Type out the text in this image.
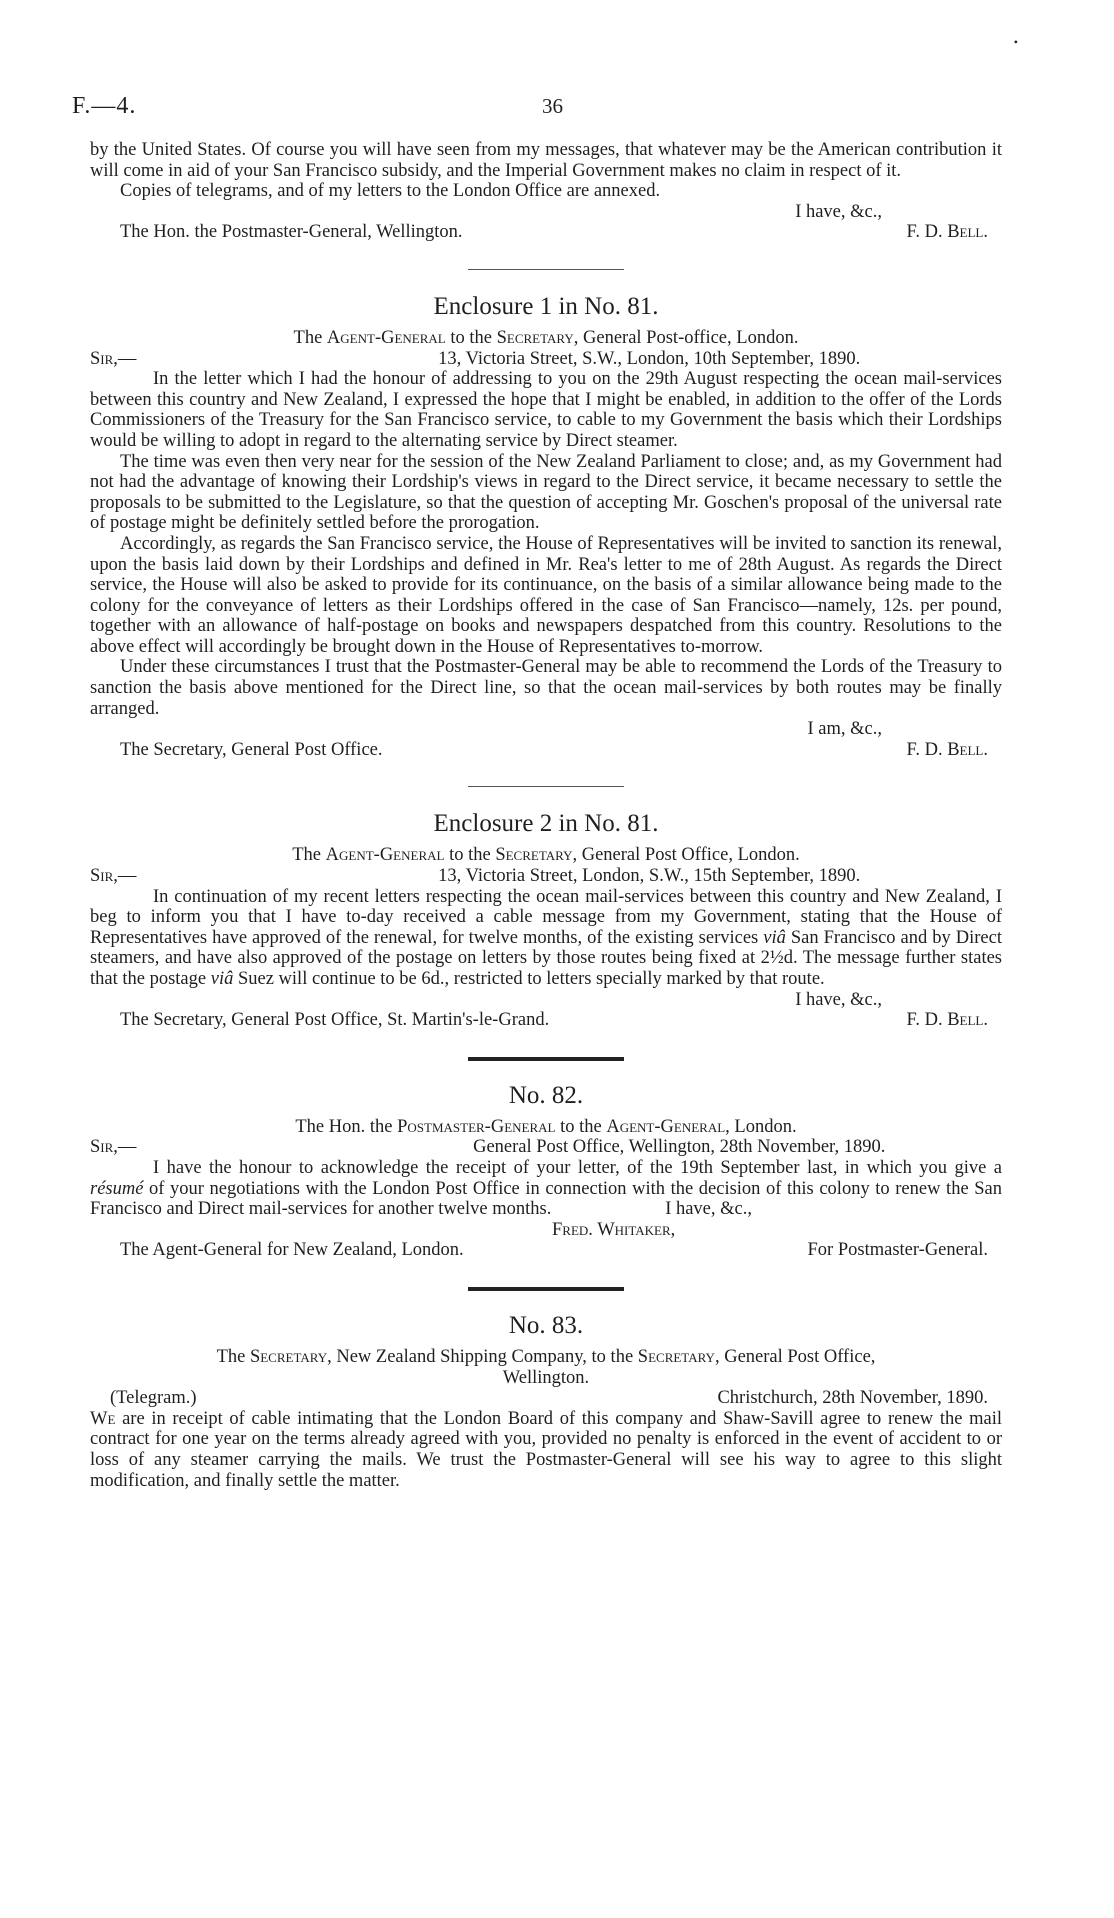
F.—4.	36
•

by the United States. Of course you will have seen from my messages, that whatever may be the American contribution it will come in aid of your San Francisco subsidy, and the Imperial Government makes no claim in respect of it.

Copies of telegrams, and of my letters to the London Office are annexed.

I have, &c.,
The Hon. the Postmaster-General, Wellington.	F. D. Bell.
Enclosure 1 in No. 81.
The Agent-General to the Secretary, General Post-office, London.
Sir,—	13, Victoria Street, S.W., London, 10th September, 1890.

In the letter which I had the honour of addressing to you on the 29th August respecting the ocean mail-services between this country and New Zealand, I expressed the hope that I might be enabled, in addition to the offer of the Lords Commissioners of the Treasury for the San Francisco service, to cable to my Government the basis which their Lordships would be willing to adopt in regard to the alternating service by Direct steamer.

The time was even then very near for the session of the New Zealand Parliament to close; and, as my Government had not had the advantage of knowing their Lordship's views in regard to the Direct service, it became necessary to settle the proposals to be submitted to the Legislature, so that the question of accepting Mr. Goschen's proposal of the universal rate of postage might be definitely settled before the prorogation.

Accordingly, as regards the San Francisco service, the House of Representatives will be invited to sanction its renewal, upon the basis laid down by their Lordships and defined in Mr. Rea's letter to me of 28th August. As regards the Direct service, the House will also be asked to provide for its continuance, on the basis of a similar allowance being made to the colony for the conveyance of letters as their Lordships offered in the case of San Francisco—namely, 12s. per pound, together with an allowance of half-postage on books and newspapers despatched from this country. Resolutions to the above effect will accordingly be brought down in the House of Representatives to-morrow.

Under these circumstances I trust that the Postmaster-General may be able to recommend the Lords of the Treasury to sanction the basis above mentioned for the Direct line, so that the ocean mail-services by both routes may be finally arranged.

I am, &c.,
The Secretary, General Post Office.	F. D. Bell.
Enclosure 2 in No. 81.
The Agent-General to the Secretary, General Post Office, London.
Sir,—	13, Victoria Street, London, S.W., 15th September, 1890.

In continuation of my recent letters respecting the ocean mail-services between this country and New Zealand, I beg to inform you that I have to-day received a cable message from my Government, stating that the House of Representatives have approved of the renewal, for twelve months, of the existing services viâ San Francisco and by Direct steamers, and have also approved of the postage on letters by those routes being fixed at 2½d. The message further states that the postage viâ Suez will continue to be 6d., restricted to letters specially marked by that route.

I have, &c.,
The Secretary, General Post Office, St. Martin's-le-Grand.	F. D. Bell.
No. 82.
The Hon. the Postmaster-General to the Agent-General, London.
Sir,—	General Post Office, Wellington, 28th November, 1890.

I have the honour to acknowledge the receipt of your letter, of the 19th September last, in which you give a résumé of your negotiations with the London Post Office in connection with the decision of this colony to renew the San Francisco and Direct mail-services for another twelve months.	I have, &c.,
Fred. Whitaker,
The Agent-General for New Zealand, London.	For Postmaster-General.
No. 83.
The Secretary, New Zealand Shipping Company, to the Secretary, General Post Office,
Wellington.
(Telegram.)	Christchurch, 28th November, 1890.

We are in receipt of cable intimating that the London Board of this company and Shaw-Savill agree to renew the mail contract for one year on the terms already agreed with you, provided no penalty is enforced in the event of accident to or loss of any steamer carrying the mails. We trust the Postmaster-General will see his way to agree to this slight modification, and finally settle the matter.
